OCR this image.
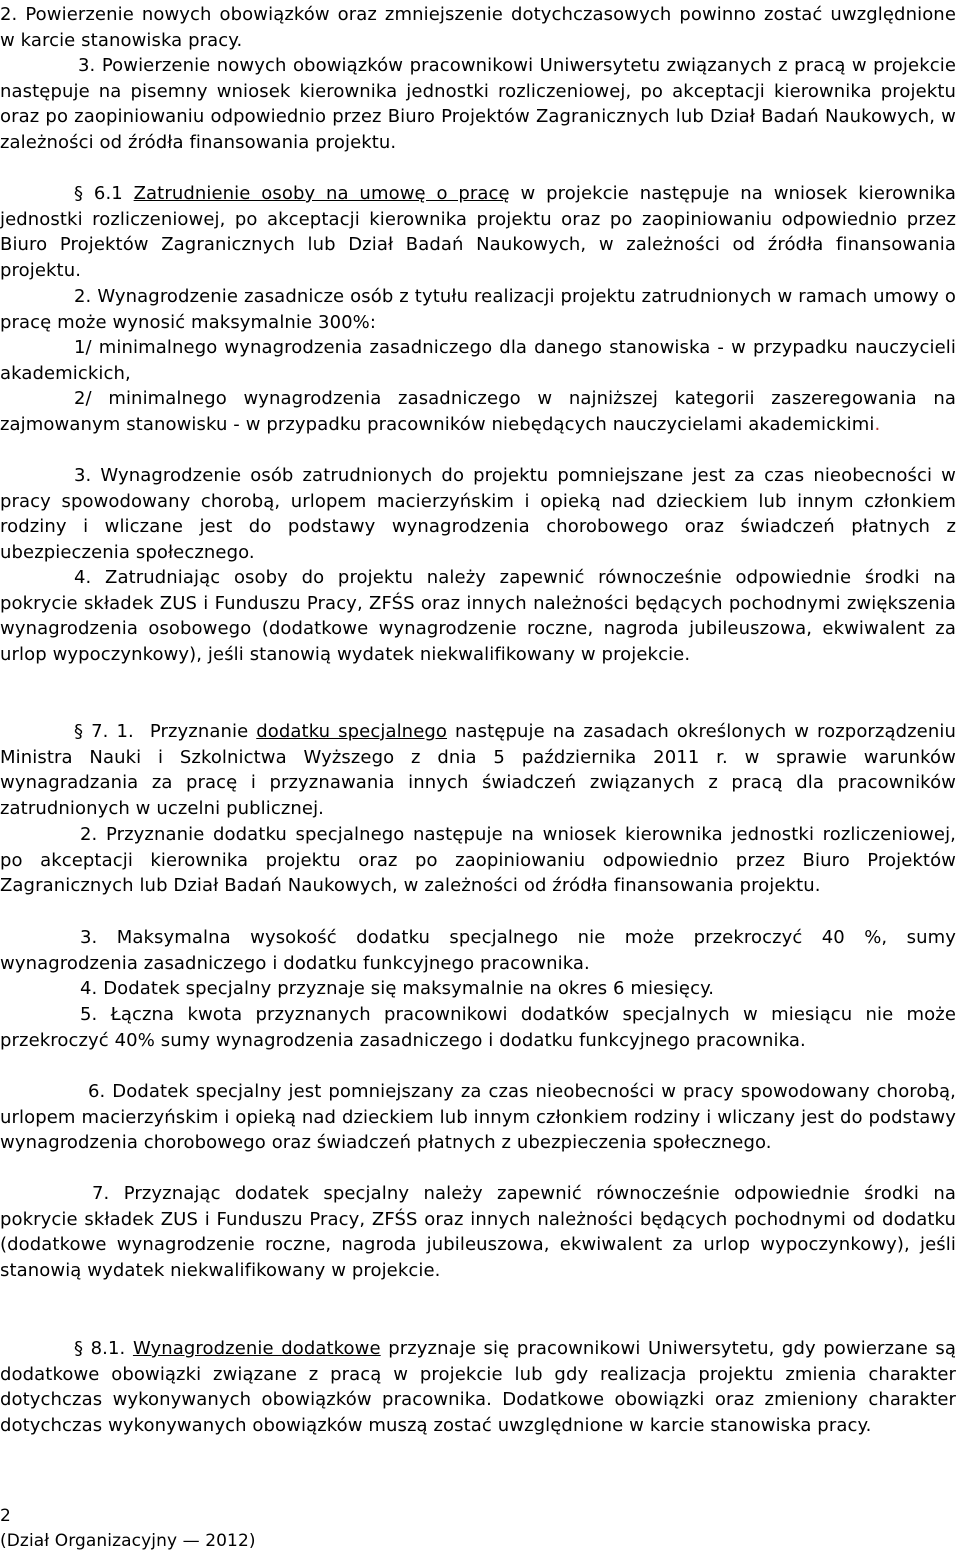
2. Powierzenie nowych obowiązków oraz zmniejszenie dotychczasowych powinno zostać uwzględnione w karcie stanowiska pracy.

3. Powierzenie nowych obowiązków pracownikowi Uniwersytetu związanych z pracą w projekcie następuje na pisemny wniosek kierownika jednostki rozliczeniowej, po akceptacji kierownika projektu oraz po zaopiniowaniu odpowiednio przez Biuro Projektów Zagranicznych lub Dział Badań Naukowych, w zależności od źródła finansowania projektu.

§ 6.1 Zatrudnienie osoby na umowę o pracę w projekcie następuje na wniosek kierownika jednostki rozliczeniowej, po akceptacji kierownika projektu oraz po zaopiniowaniu odpowiednio przez Biuro Projektów Zagranicznych lub Dział Badań Naukowych, w zależności od źródła finansowania projektu.

2. Wynagrodzenie zasadnicze osób z tytułu realizacji projektu zatrudnionych w ramach umowy o pracę może wynosić maksymalnie 300%:

1/ minimalnego wynagrodzenia zasadniczego dla danego stanowiska - w przypadku nauczycieli akademickich,

2/ minimalnego wynagrodzenia zasadniczego w najniższej kategorii zaszeregowania na zajmowanym stanowisku - w przypadku pracowników niebędących nauczycielami akademickimi.

3. Wynagrodzenie osób zatrudnionych do projektu pomniejszane jest za czas nieobecności w pracy spowodowany chorobą, urlopem macierzyńskim i opieką nad dzieckiem lub innym członkiem rodziny i wliczane jest do podstawy wynagrodzenia chorobowego oraz świadczeń płatnych z ubezpieczenia społecznego.

4. Zatrudniając osoby do projektu należy zapewnić równocześnie odpowiednie środki na pokrycie składek ZUS i Funduszu Pracy, ZFŚS oraz innych należności będących pochodnymi zwiększenia wynagrodzenia osobowego (dodatkowe wynagrodzenie roczne, nagroda jubileuszowa, ekwiwalent za urlop wypoczynkowy), jeśli stanowią wydatek niekwalifikowany w projekcie.

§ 7. 1. Przyznanie dodatku specjalnego następuje na zasadach określonych w rozporządzeniu Ministra Nauki i Szkolnictwa Wyższego z dnia 5 października 2011 r. w sprawie warunków wynagradzania za pracę i przyznawania innych świadczeń związanych z pracą dla pracowników zatrudnionych w uczelni publicznej.

2. Przyznanie dodatku specjalnego następuje na wniosek kierownika jednostki rozliczeniowej, po akceptacji kierownika projektu oraz po zaopiniowaniu odpowiednio przez Biuro Projektów Zagranicznych lub Dział Badań Naukowych, w zależności od źródła finansowania projektu.

3. Maksymalna wysokość dodatku specjalnego nie może przekroczyć 40 %, sumy wynagrodzenia zasadniczego i dodatku funkcyjnego pracownika.

4. Dodatek specjalny przyznaje się maksymalnie na okres 6 miesięcy.

5. Łączna kwota przyznanych pracownikowi dodatków specjalnych w miesiącu nie może przekroczyć 40% sumy wynagrodzenia zasadniczego i dodatku funkcyjnego pracownika.

6. Dodatek specjalny jest pomniejszany za czas nieobecności w pracy spowodowany chorobą, urlopem macierzyńskim i opieką nad dzieckiem lub innym członkiem rodziny i wliczany jest do podstawy wynagrodzenia chorobowego oraz świadczeń płatnych z ubezpieczenia społecznego.

7. Przyznając dodatek specjalny należy zapewnić równocześnie odpowiednie środki na pokrycie składek ZUS i Funduszu Pracy, ZFŚS oraz innych należności będących pochodnymi od dodatku (dodatkowe wynagrodzenie roczne, nagroda jubileuszowa, ekwiwalent za urlop wypoczynkowy), jeśli stanowią wydatek niekwalifikowany w projekcie.

§ 8.1. Wynagrodzenie dodatkowe przyznaje się pracownikowi Uniwersytetu, gdy powierzane są dodatkowe obowiązki związane z pracą w projekcie lub gdy realizacja projektu zmienia charakter dotychczas wykonywanych obowiązków pracownika. Dodatkowe obowiązki oraz zmieniony charakter dotychczas wykonywanych obowiązków muszą zostać uwzględnione w karcie stanowiska pracy.

2
(Dział Organizacyjny — 2012)
